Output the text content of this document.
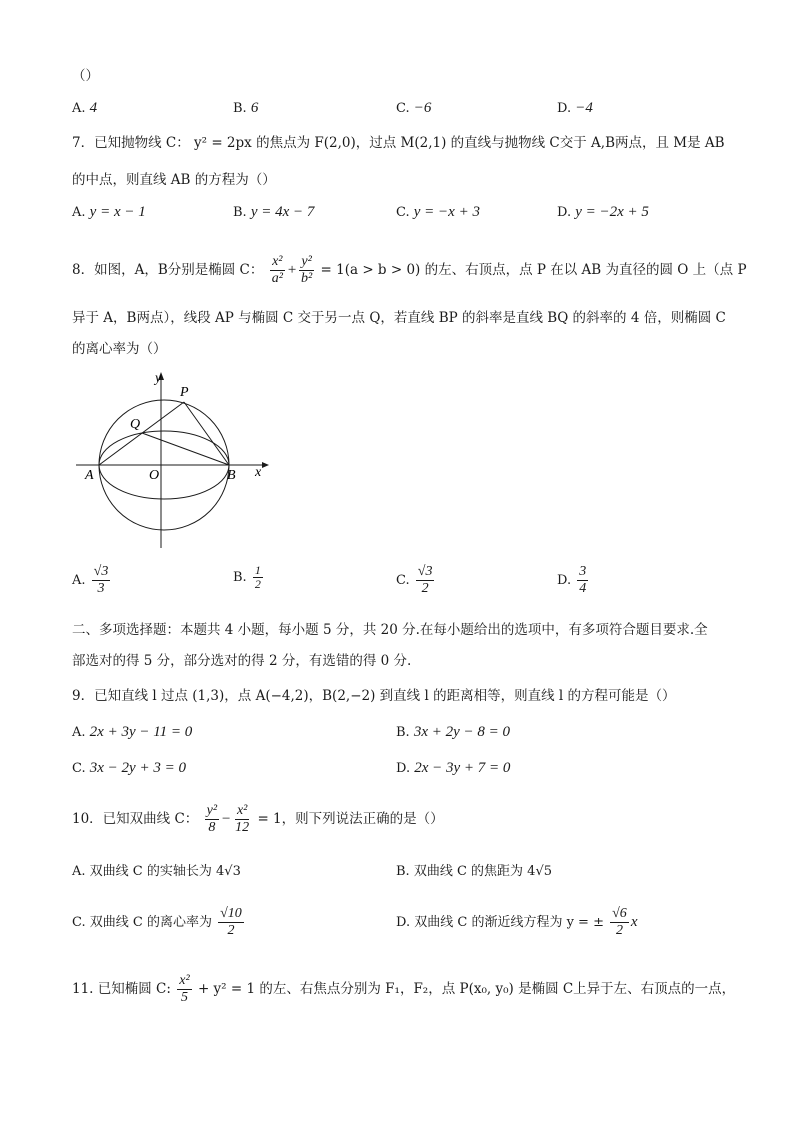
（）
A. 4	B. 6	C. −6	D. −4
7．已知抛物线 C： y² = 2px 的焦点为 F(2,0)，过点 M(2,1) 的直线与抛物线 C交于 A,B两点，且 M是 AB
的中点，则直线 AB 的方程为（）
A. y = x − 1	B. y = 4x − 7	C. y = −x + 3	D. y = −2x + 5
8．如图，A，B分别是椭圆 C： $\frac{\text{x²}}{\text{a²}} + \frac{\text{y²}}{\text{b²}} = 1(a > b > 0)$ 的左、右顶点，点 P 在以 AB 为直径的圆 O 上（点 P
异于 A，B两点），线段 AP 与椭圆 C 交于另一点 Q，若直线 BP 的斜率是直线 BQ 的斜率的 4 倍，则椭圆 C
的离心率为（）
y
x
P
Q
A	O	B
A. $\frac{√3}{3}$	B. $\frac{1}{2}$	C. $\frac{√3}{2}$	D. $\frac{3}{4}$
二、多项选择题：本题共 4 小题，每小题 5 分，共 20 分.在每小题给出的选项中，有多项符合题目要求.全
部选对的得 5 分，部分选对的得 2 分，有选错的得 0 分.
9．已知直线 l 过点 (1,3)，点 A(−4,2)，B(2,−2) 到直线 l 的距离相等，则直线 l 的方程可能是（）
A. 2x + 3y − 11 = 0	B. 3x + 2y − 8 = 0
C. 3x − 2y + 3 = 0	D. 2x − 3y + 7 = 0
10．已知双曲线 C： $\frac{\text{y²}}{8} - \frac{\text{x²}}{12} = 1$，则下列说法正确的是（）
A. 双曲线 C 的实轴长为 4√3	B. 双曲线 C 的焦距为 4√5
C. 双曲线 C 的离心率为 $\frac{√10}{2}$	D. 双曲线 C 的渐近线方程为 y = ± $\frac{√6}{2}$ x
11. 已知椭圆 C: $\frac{\text{x²}}{5} + y^2 = 1$ 的左、右焦点分别为 F₁，F₂，点 P(x₀, y₀) 是椭圆 C上异于左、右顶点的一点，
